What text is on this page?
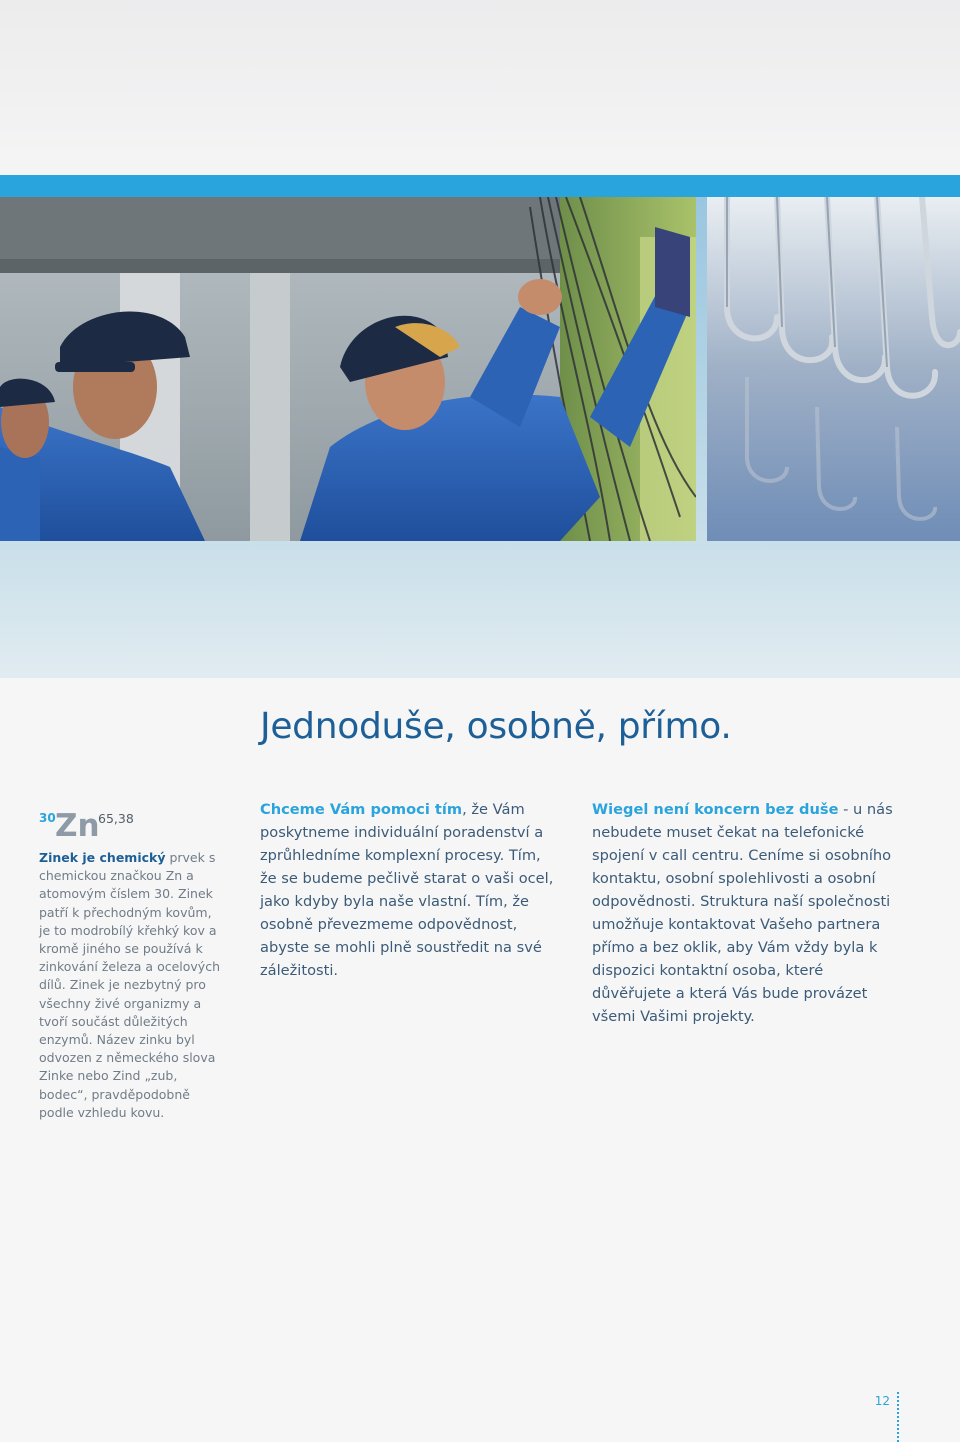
Jednoduše, osobně, přímo.
30 Zn
65,38

Zinek je chemický prvek s chemickou značkou Zn a atomovým číslem 30. Zinek patří k přechodným kovům, je to modrobílý křehký kov a kromě jiného se používá k zinkování železa a ocelových dílů. Zinek je nezbytný pro všechny živé organizmy a tvoří součást důležitých enzymů. Název zinku byl odvozen z německého slova Zinke nebo Zind „zub, bodec“, pravděpodobně podle vzhledu kovu.

Chceme Vám pomoci tím, že Vám poskytneme individuální poradenství a zprůhledníme komplexní procesy. Tím, že se budeme pečlivě starat o vaši ocel, jako kdyby byla naše vlastní. Tím, že osobně převezmeme odpovědnost, abyste se mohli plně soustředit na své záležitosti.

Wiegel není koncern bez duše - u nás nebudete muset čekat na telefonické spojení v call centru. Ceníme si osobního kontaktu, osobní spolehlivosti a osobní odpovědnosti. Struktura naší společnosti umožňuje kontaktovat Vašeho partnera přímo a bez oklik, aby Vám vždy byla k dispozici kontaktní osoba, které důvěřujete a která Vás bude provázet všemi Vašimi projekty.

12
